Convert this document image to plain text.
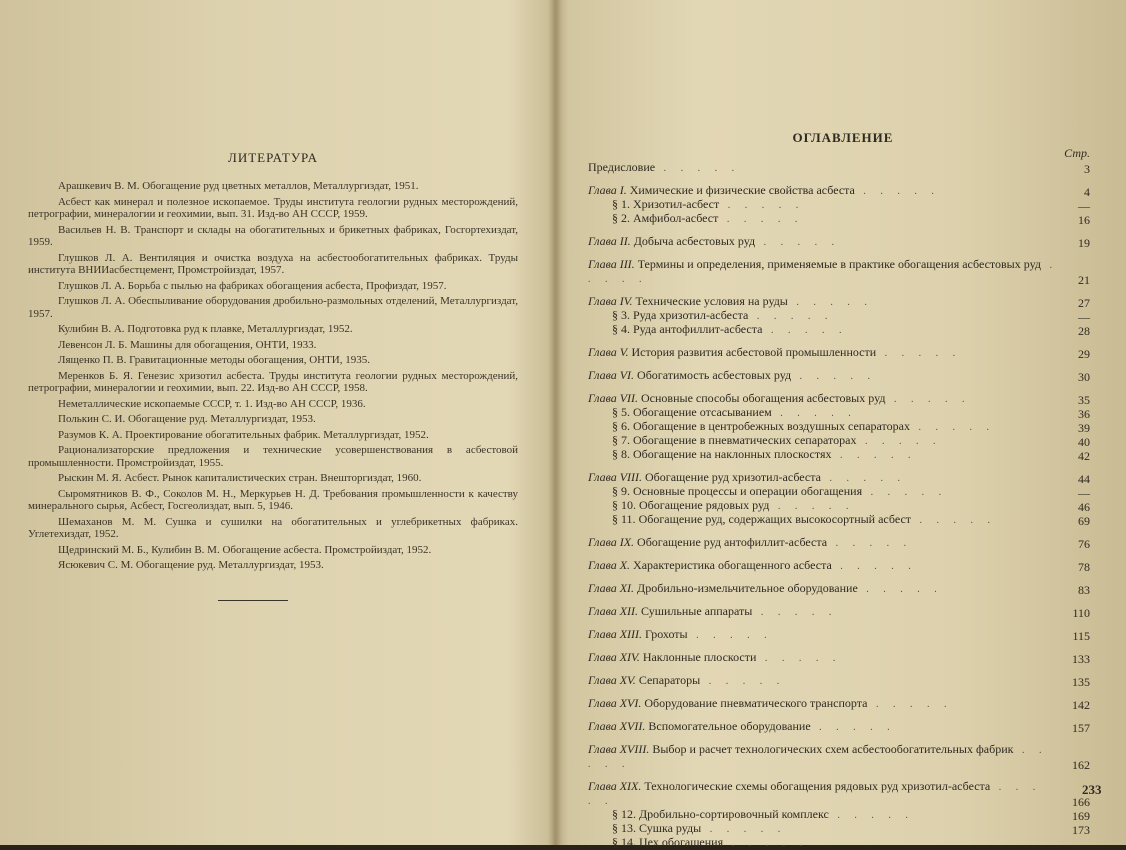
ЛИТЕРАТУРА

Арашкевич В. М. Обогащение руд цветных металлов, Металлургиздат, 1951.

Асбест как минерал и полезное ископаемое. Труды института геологии рудных месторождений, петрографии, минералогии и геохимии, вып. 31. Изд-во АН СССР, 1959.

Васильев Н. В. Транспорт и склады на обогатительных и брикетных фабриках, Госгортехиздат, 1959.

Глушков Л. А. Вентиляция и очистка воздуха на асбестообогатительных фабриках. Труды института ВНИИасбестцемент, Промстройиздат, 1957.

Глушков Л. А. Борьба с пылью на фабриках обогащения асбеста, Профиздат, 1957.

Глушков Л. А. Обеспыливание оборудования дробильно-размольных отделений, Металлургиздат, 1957.

Кулибин В. А. Подготовка руд к плавке, Металлургиздат, 1952.

Левенсон Л. Б. Машины для обогащения, ОНТИ, 1933.

Лященко П. В. Гравитационные методы обогащения, ОНТИ, 1935.

Меренков Б. Я. Генезис хризотил асбеста. Труды института геологии рудных месторождений, петрографии, минералогии и геохимии, вып. 22. Изд-во АН СССР, 1958.

Неметаллические ископаемые СССР, т. 1. Изд-во АН СССР, 1936.

Полькин С. И. Обогащение руд. Металлургиздат, 1953.

Разумов К. А. Проектирование обогатительных фабрик. Металлургиздат, 1952.

Рационализаторские предложения и технические усовершенствования в асбестовой промышленности. Промстройиздат, 1955.

Рыскин М. Я. Асбест. Рынок капиталистических стран. Внешторгиздат, 1960.

Сыромятников В. Ф., Соколов М. Н., Меркурьев Н. Д. Требования промышленности к качеству минерального сырья, Асбест, Госгеолиздат, вып. 5, 1946.

Шемаханов М. М. Сушка и сушилки на обогатительных и углебрикетных фабриках. Углетехиздат, 1952.

Щедринский М. Б., Кулибин В. М. Обогащение асбеста. Промстройиздат, 1952.

Ясюкевич С. М. Обогащение руд. Металлургиздат, 1953.

ОГЛАВЛЕНИЕ

Стр.

Предисловие . . . . .	3
Глава I. Химические и физические свойства асбеста . . . . .	4
§ 1. Хризотил-асбест . . . . .	—
§ 2. Амфибол-асбест . . . . .	16
Глава II. Добыча асбестовых руд . . . . .	19
Глава III. Термины и определения, применяемые в практике обогащения асбестовых руд . . . . .	21
Глава IV. Технические условия на руды . . . . .	27
§ 3. Руда хризотил-асбеста . . . . .	—
§ 4. Руда антофиллит-асбеста . . . . .	28
Глава V. История развития асбестовой промышленности . . . . .	29
Глава VI. Обогатимость асбестовых руд . . . . .	30
Глава VII. Основные способы обогащения асбестовых руд . . . . .	35
§ 5. Обогащение отсасыванием . . . . .	36
§ 6. Обогащение в центробежных воздушных сепараторах . . . . .	39
§ 7. Обогащение в пневматических сепараторах . . . . .	40
§ 8. Обогащение на наклонных плоскостях . . . . .	42
Глава VIII. Обогащение руд хризотил-асбеста . . . . .	44
§ 9. Основные процессы и операции обогащения . . . . .	—
§ 10. Обогащение рядовых руд . . . . .	46
§ 11. Обогащение руд, содержащих высокосортный асбест . . . . .	69
Глава IX. Обогащение руд антофиллит-асбеста . . . . .	76
Глава X. Характеристика обогащенного асбеста . . . . .	78
Глава XI. Дробильно-измельчительное оборудование . . . . .	83
Глава XII. Сушильные аппараты . . . . .	110
Глава XIII. Грохоты . . . . .	115
Глава XIV. Наклонные плоскости . . . . .	133
Глава XV. Сепараторы . . . . .	135
Глава XVI. Оборудование пневматического транспорта . . . . .	142
Глава XVII. Вспомогательное оборудование . . . . .	157
Глава XVIII. Выбор и расчет технологических схем асбестообогатительных фабрик . . . . .	162
Глава XIX. Технологические схемы обогащения рядовых руд хризотил-асбеста . . . . .	166
§ 12. Дробильно-сортировочный комплекс . . . . .	169
§ 13. Сушка руды . . . . .	173
§ 14. Цех обогащения . . . . .
233
